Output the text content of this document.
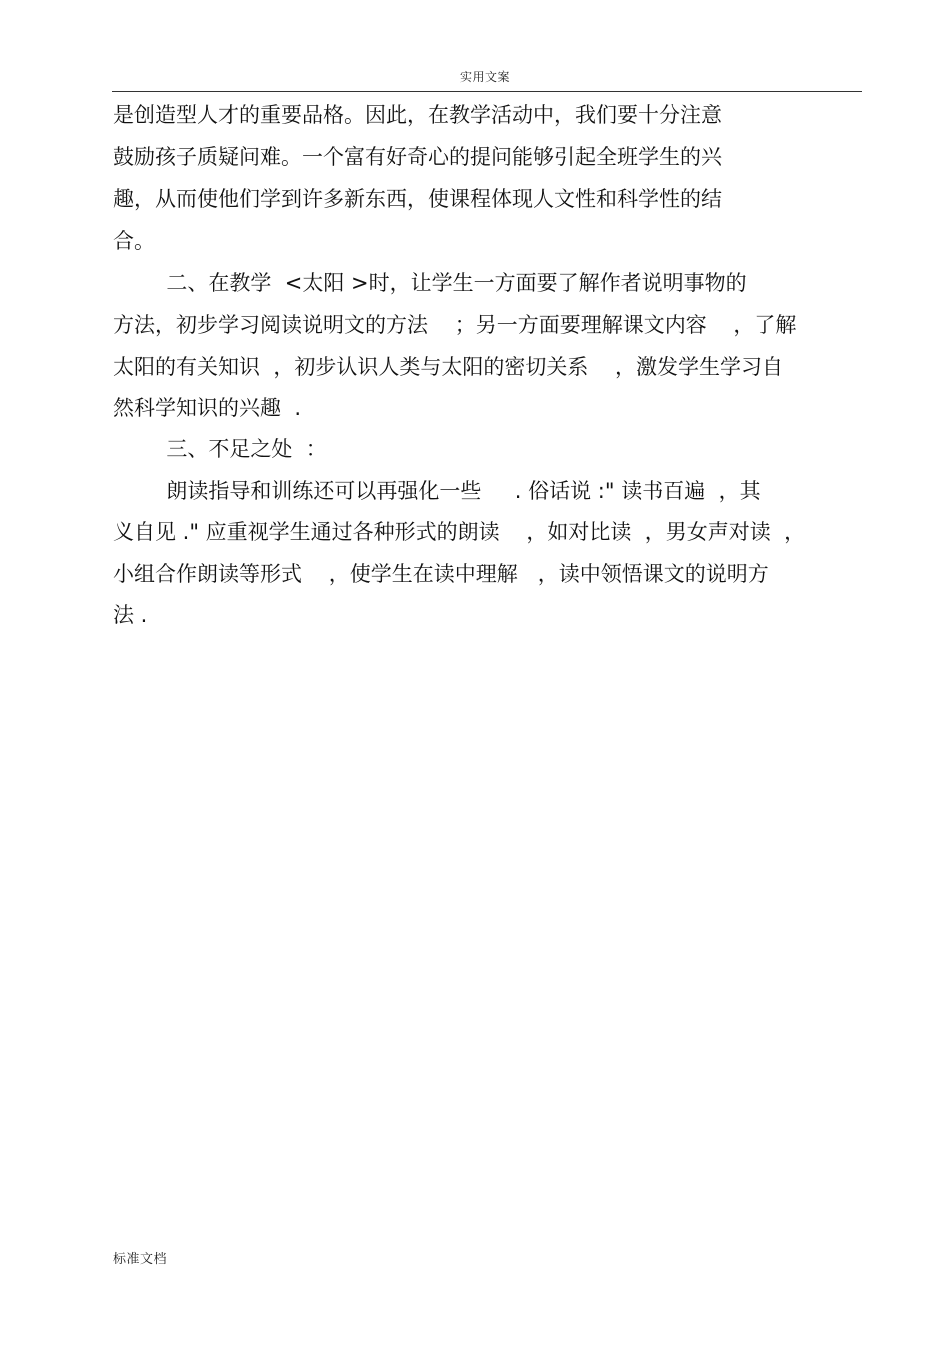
实用文案
是创造型人才的重要品格。因此，在教学活动中，我们要十分注意
鼓励孩子质疑问难。一个富有好奇心的提问能够引起全班学生的兴
趣，从而使他们学到许多新东西，使课程体现人文性和科学性的结
合。
二、在教学  <太阳 >时，让学生一方面要了解作者说明事物的
方法，初步学习阅读说明文的方法    ；另一方面要理解课文内容    ，了解
太阳的有关知识  ，初步认识人类与太阳的密切关系    ，激发学生学习自
然科学知识的兴趣  .
三、不足之处  ：
朗读指导和训练还可以再强化一些     . 俗话说 :" 读书百遍  ，其
义自见 ." 应重视学生通过各种形式的朗读    ，如对比读  ，男女声对读  ，
小组合作朗读等形式    ，使学生在读中理解   ，读中领悟课文的说明方
法 .
标准文档
